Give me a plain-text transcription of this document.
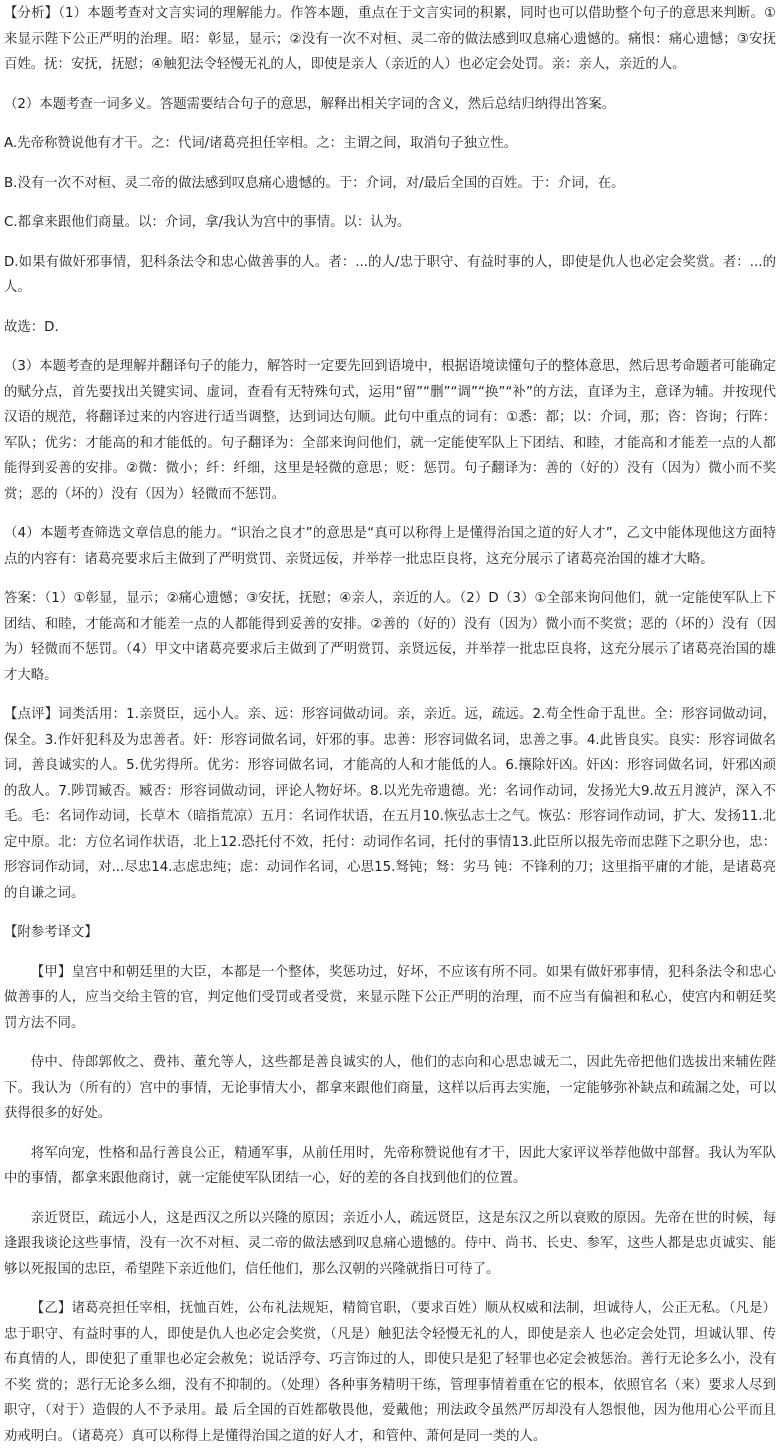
【分析】（1）本题考查对文言实词的理解能力。作答本题，重点在于文言实词的积累，同时也可以借助整个句子的意思来判断。①来显示陛下公正严明的治理。昭：彰显，显示；②没有一次不对桓、灵二帝的做法感到叹息痛心遗憾的。痛恨：痛心遗憾；③安抚百姓。抚：安抚，抚慰；④触犯法令轻慢无礼的人，即使是亲人（亲近的人）也必定会处罚。亲：亲人，亲近的人。

（2）本题考查一词多义。答题需要结合句子的意思，解释出相关字词的含义，然后总结归纳得出答案。

A.先帝称赞说他有才干。之：代词/诸葛亮担任宰相。之：主谓之间，取消句子独立性。

B.没有一次不对桓、灵二帝的做法感到叹息痛心遗憾的。于：介词，对/最后全国的百姓。于：介词，在。

C.都拿来跟他们商量。以：介词，拿/我认为宫中的事情。以：认为。

D.如果有做奸邪事情，犯科条法令和忠心做善事的人。者：...的人/忠于职守、有益时事的人，即使是仇人也必定会奖赏。者：...的人。

故选：D.

（3）本题考查的是理解并翻译句子的能力，解答时一定要先回到语境中，根据语境读懂句子的整体意思，然后思考命题者可能确定的赋分点，首先要找出关键实词、虚词，查看有无特殊句式，运用“留”“删”“调”“换”“补”的方法，直译为主，意译为辅。并按现代汉语的规范，将翻译过来的内容进行适当调整，达到词达句顺。此句中重点的词有：①悉：都；以：介词，那；咨：咨询；行阵：军队；优劣：才能高的和才能低的。句子翻译为：全部来询问他们，就一定能使军队上下团结、和睦，才能高和才能差一点的人都能得到妥善的安排。②微：微小；纤：纤细，这里是轻微的意思；贬：惩罚。句子翻译为：善的（好的）没有（因为）微小而不奖赏；恶的（坏的）没有（因为）轻微而不惩罚。

（4）本题考查筛选文章信息的能力。“识治之良才”的意思是“真可以称得上是懂得治国之道的好人才”，乙文中能体现他这方面特点的内容有：诸葛亮要求后主做到了严明赏罚、亲贤远佞，并举荐一批忠臣良将，这充分展示了诸葛亮治国的雄才大略。

答案：（1）①彰显，显示；②痛心遗憾；③安抚，抚慰；④亲人，亲近的人。（2）D（3）①全部来询问他们，就一定能使军队上下团结、和睦，才能高和才能差一点的人都能得到妥善的安排。②善的（好的）没有（因为）微小而不奖赏；恶的（坏的）没有（因为）轻微而不惩罚。（4）甲文中诸葛亮要求后主做到了严明赏罚、亲贤远佞，并举荐一批忠臣良将，这充分展示了诸葛亮治国的雄才大略。

【点评】词类活用：1.亲贤臣，远小人。亲、远：形容词做动词。亲，亲近。远，疏远。2.苟全性命于乱世。全：形容词做动词，保全。3.作奸犯科及为忠善者。奸：形容词做名词，奸邪的事。忠善：形容词做名词，忠善之事。4.此皆良实。良实：形容词做名词，善良诚实的人。5.优劣得所。优劣：形容词做名词，才能高的人和才能低的人。6.攘除奸凶。奸凶：形容词做名词，奸邪凶顽的敌人。7.陟罚臧否。臧否：形容词做动词，评论人物好坏。8.以光先帝遗德。光：名词作动词，发扬光大9.故五月渡泸，深入不毛。毛：名词作动词，长草木（暗指荒凉）五月：名词作状语，在五月10.恢弘志士之气。恢弘：形容词作动词，扩大、发扬11.北定中原。北：方位名词作状语，北上12.恐托付不效，托付：动词作名词，托付的事情13.此臣所以报先帝而忠陛下之职分也，忠：形容词作动词，对...尽忠14.志虑忠纯；虑：动词作名词，心思15.驽钝；驽：劣马 钝：不锋利的刀；这里指平庸的才能，是诸葛亮的自谦之词。

【附参考译文】

【甲】皇宫中和朝廷里的大臣，本都是一个整体，奖惩功过，好坏，不应该有所不同。如果有做奸邪事情，犯科条法令和忠心做善事的人，应当交给主管的官，判定他们受罚或者受赏，来显示陛下公正严明的治理，而不应当有偏袒和私心，使宫内和朝廷奖罚方法不同。

侍中、侍郎郭攸之、费祎、董允等人，这些都是善良诚实的人，他们的志向和心思忠诚无二，因此先帝把他们选拔出来辅佐陛下。我认为（所有的）宫中的事情，无论事情大小，都拿来跟他们商量，这样以后再去实施，一定能够弥补缺点和疏漏之处，可以获得很多的好处。

将军向宠，性格和品行善良公正，精通军事，从前任用时，先帝称赞说他有才干，因此大家评议举荐他做中部督。我认为军队中的事情，都拿来跟他商讨，就一定能使军队团结一心，好的差的各自找到他们的位置。

亲近贤臣，疏远小人，这是西汉之所以兴隆的原因；亲近小人，疏远贤臣，这是东汉之所以衰败的原因。先帝在世的时候，每逢跟我谈论这些事情，没有一次不对桓、灵二帝的做法感到叹息痛心遗憾的。侍中、尚书、长史、参军，这些人都是忠贞诚实、能够以死报国的忠臣，希望陛下亲近他们，信任他们，那么汉朝的兴隆就指日可待了。

【乙】诸葛亮担任宰相，抚恤百姓，公布礼法规矩，精简官职，（要求百姓）顺从权威和法制，坦诚待人，公正无私。（凡是）忠于职守、有益时事的人，即使是仇人也必定会奖赏，（凡是）触犯法令轻慢无礼的人，即使是亲人 也必定会处罚，坦诚认罪、传布真情的人，即使犯了重罪也必定会赦免；说话浮夸、巧言饰过的人，即使只是犯了轻罪也必定会被惩治。善行无论多么小，没有不奖 赏的；恶行无论多么细，没有不抑制的。（处理）各种事务精明干练，管理事情着重在它的根本，依照官名（来）要求人尽到职守，（对于）造假的人不予录用。最 后全国的百姓都敬畏他，爱戴他；刑法政令虽然严厉却没有人怨恨他，因为他用心公平而且劝戒明白。（诸葛亮）真可以称得上是懂得治国之道的好人才，和管仲、萧何是同一类的人。
